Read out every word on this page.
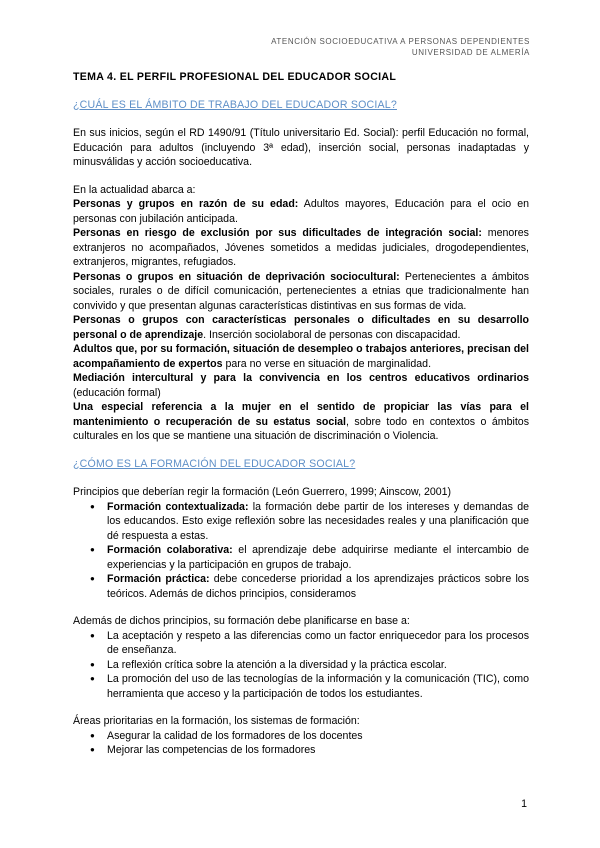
ATENCIÓN SOCIOEDUCATIVA A PERSONAS DEPENDIENTES
UNIVERSIDAD DE ALMERÍA
TEMA 4. EL PERFIL PROFESIONAL DEL EDUCADOR SOCIAL
¿CUÁL ES EL ÁMBITO DE TRABAJO DEL EDUCADOR SOCIAL?

En sus inicios, según el RD 1490/91 (Título universitario Ed. Social): perfil Educación no formal, Educación para adultos (incluyendo 3ª edad), inserción social, personas inadaptadas y minusválidas y acción socioeducativa.

En la actualidad abarca a:

Personas y grupos en razón de su edad: Adultos mayores, Educación para el ocio en personas con jubilación anticipada.

Personas en riesgo de exclusión por sus dificultades de integración social: menores extranjeros no acompañados, Jóvenes sometidos a medidas judiciales, drogodependientes, extranjeros, migrantes, refugiados.

Personas o grupos en situación de deprivación sociocultural: Pertenecientes a ámbitos sociales, rurales o de difícil comunicación, pertenecientes a etnias que tradicionalmente han convivido y que presentan algunas características distintivas en sus formas de vida.

Personas o grupos con características personales o dificultades en su desarrollo personal o de aprendizaje. Inserción sociolaboral de personas con discapacidad.

Adultos que, por su formación, situación de desempleo o trabajos anteriores, precisan del acompañamiento de expertos para no verse en situación de marginalidad.

Mediación intercultural y para la convivencia en los centros educativos ordinarios (educación formal)

Una especial referencia a la mujer en el sentido de propiciar las vías para el mantenimiento o recuperación de su estatus social, sobre todo en contextos o ámbitos culturales en los que se mantiene una situación de discriminación o Violencia.

¿CÓMO ES LA FORMACIÓN DEL EDUCADOR SOCIAL?

Principios que deberían regir la formación (León Guerrero, 1999; Ainscow, 2001)

● Formación contextualizada: la formación debe partir de los intereses y demandas de los educandos. Esto exige reflexión sobre las necesidades reales y una planificación que dé respuesta a estas.
● Formación colaborativa: el aprendizaje debe adquirirse mediante el intercambio de experiencias y la participación en grupos de trabajo.
● Formación práctica: debe concederse prioridad a los aprendizajes prácticos sobre los teóricos. Además de dichos principios, consideramos

Además de dichos principios, su formación debe planificarse en base a:

● La aceptación y respeto a las diferencias como un factor enriquecedor para los procesos de enseñanza.
● La reflexión crítica sobre la atención a la diversidad y la práctica escolar.
● La promoción del uso de las tecnologías de la información y la comunicación (TIC), como herramienta que acceso y la participación de todos los estudiantes.

Áreas prioritarias en la formación, los sistemas de formación:

● Asegurar la calidad de los formadores de los docentes
● Mejorar las competencias de los formadores
1
